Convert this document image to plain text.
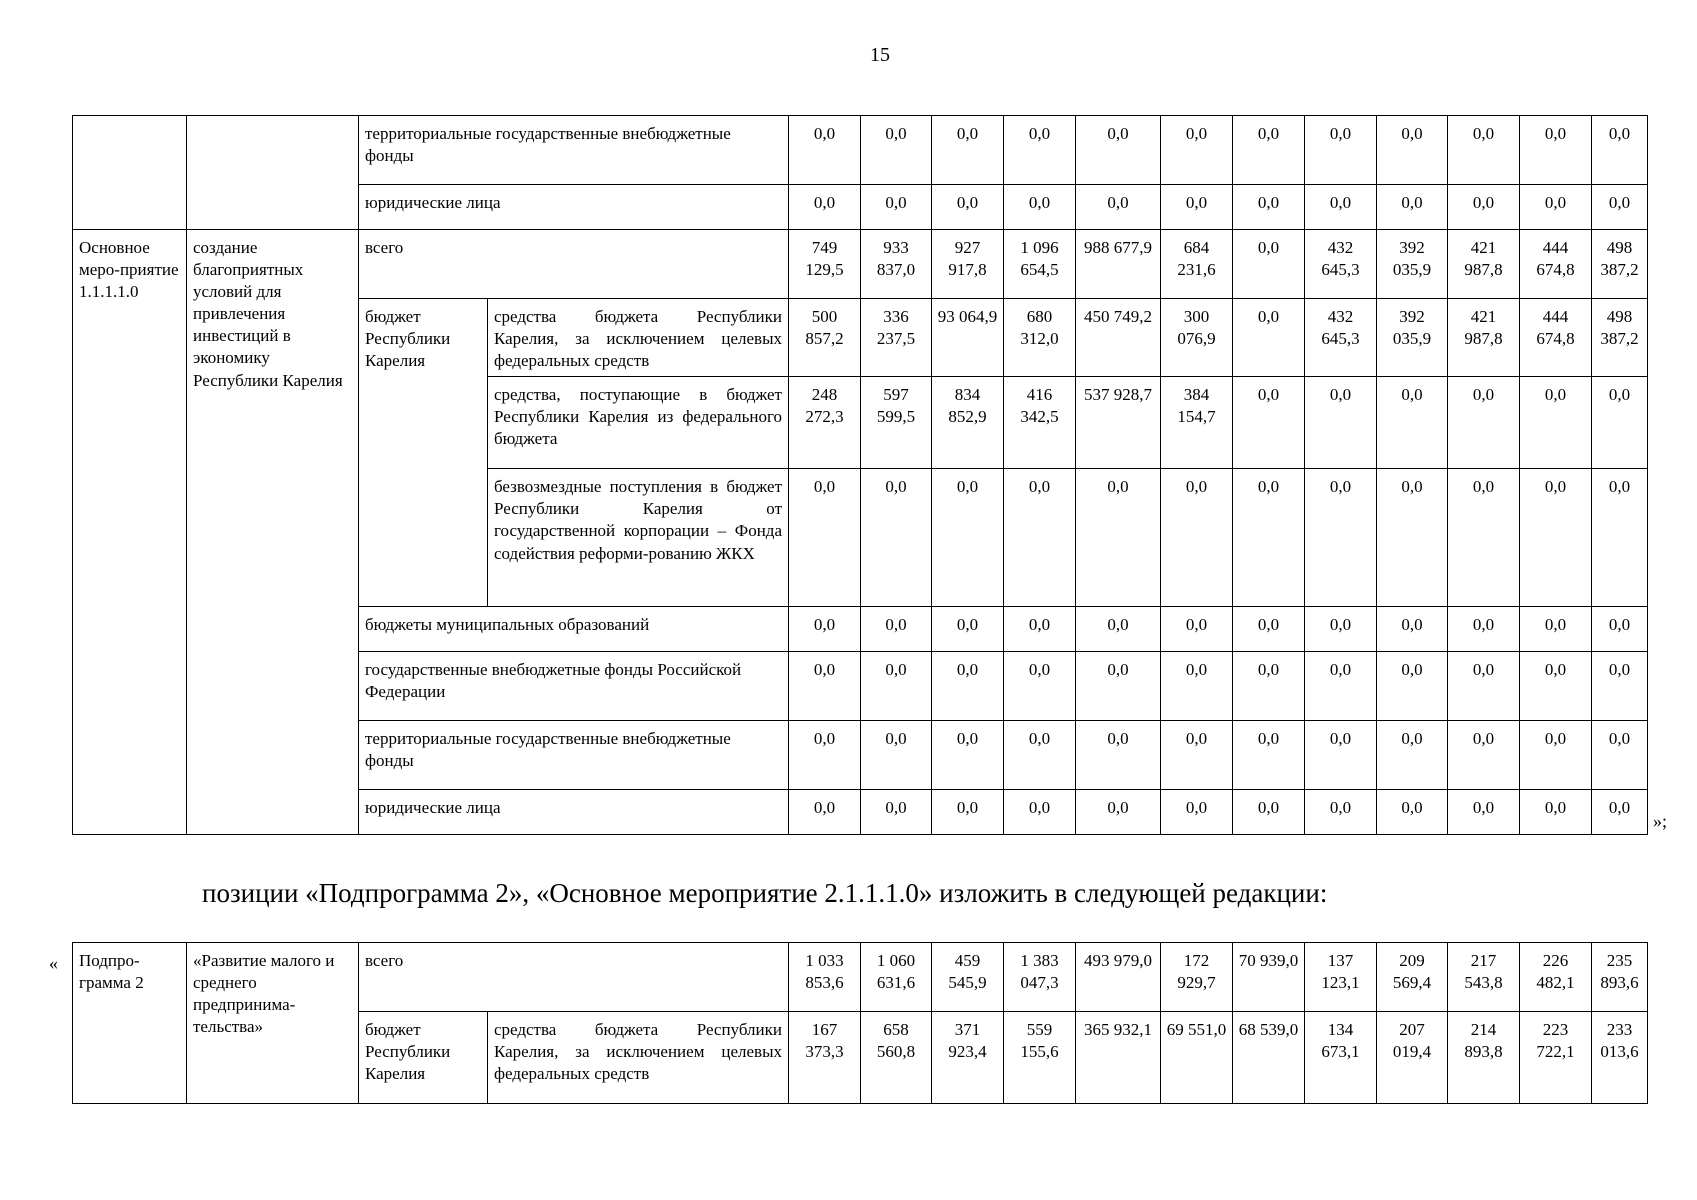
15
		территориальные государственные внебюджетные фонды		0,0	0,0	0,0	0,0	0,0	0,0	0,0	0,0	0,0	0,0	0,0	0,0
		юридические лица		0,0	0,0	0,0	0,0	0,0	0,0	0,0	0,0	0,0	0,0	0,0	0,0
Основное меро-приятие 1.1.1.1.0	создание благоприятных условий для привлечения инвестиций в экономику Республики Карелия	всего		749 129,5	933 837,0	927 917,8	1 096 654,5	988 677,9	684 231,6	0,0	432 645,3	392 035,9	421 987,8	444 674,8	498 387,2
		бюджет Республики Карелия	средства бюджета Республики Карелия, за исключением целевых федеральных средств	500 857,2	336 237,5	93 064,9	680 312,0	450 749,2	300 076,9	0,0	432 645,3	392 035,9	421 987,8	444 674,8	498 387,2
			средства, поступающие в бюджет Республики Карелия из федерального бюджета	248 272,3	597 599,5	834 852,9	416 342,5	537 928,7	384 154,7	0,0	0,0	0,0	0,0	0,0	0,0
			безвозмездные поступления в бюджет Республики Карелия от государственной корпорации – Фонда содействия реформи-рованию ЖКХ	0,0	0,0	0,0	0,0	0,0	0,0	0,0	0,0	0,0	0,0	0,0	0,0
		бюджеты муниципальных образований		0,0	0,0	0,0	0,0	0,0	0,0	0,0	0,0	0,0	0,0	0,0	0,0
		государственные внебюджетные фонды Российской Федерации		0,0	0,0	0,0	0,0	0,0	0,0	0,0	0,0	0,0	0,0	0,0	0,0
		территориальные государственные внебюджетные фонды		0,0	0,0	0,0	0,0	0,0	0,0	0,0	0,0	0,0	0,0	0,0	0,0
		юридические лица		0,0	0,0	0,0	0,0	0,0	0,0	0,0	0,0	0,0	0,0	0,0	0,0
»;
позиции «Подпрограмма 2», «Основное мероприятие 2.1.1.1.0» изложить в следующей редакции:
« Подпро-грамма 2	«Развитие малого и среднего предпринима-тельства»	всего		1 033 853,6	1 060 631,6	459 545,9	1 383 047,3	493 979,0	172 929,7	70 939,0	137 123,1	209 569,4	217 543,8	226 482,1	235 893,6
		бюджет Республики Карелия	средства бюджета Республики Карелия, за исключением целевых федеральных средств	167 373,3	658 560,8	371 923,4	559 155,6	365 932,1	69 551,0	68 539,0	134 673,1	207 019,4	214 893,8	223 722,1	233 013,6
